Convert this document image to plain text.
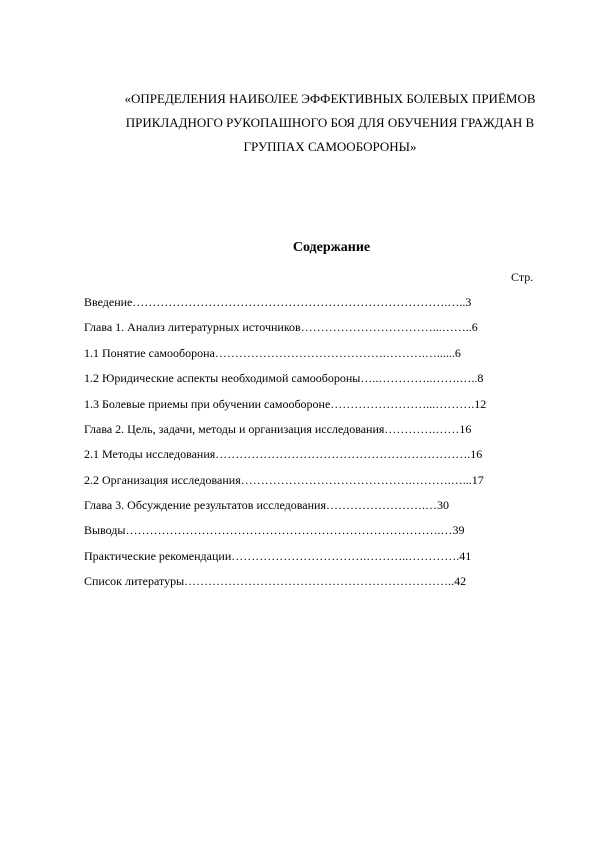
«ОПРЕДЕЛЕНИЯ НАИБОЛЕЕ ЭФФЕКТИВНЫХ БОЛЕВЫХ ПРИЁМОВ
ПРИКЛАДНОГО РУКОПАШНОГО БОЯ ДЛЯ ОБУЧЕНИЯ ГРАЖДАН В
ГРУППАХ САМООБОРОНЫ»
Содержание
Стр.
Введение…………………………………………………………………….…..3
Глава 1. Анализ литературных источников……………………………...……..6
1.1 Понятие самооборона…………………………………….……….…......6
1.2 Юридические аспекты необходимой самообороны…..…………..…….…..8
1.3 Болевые приемы при обучении самообороне……………………...……….12
Глава 2. Цель, задачи, методы и организация исследования………….……16
2.1 Методы исследования……………………………………………………….16
2.2 Организация исследования…………………………………….……….…...17
Глава 3. Обсуждение результатов исследования…………………….…30
Выводы…………………………………………………………………….…39
Практические рекомендации…………………………….………..………….41
Список литературы…………………………………………………………..42
